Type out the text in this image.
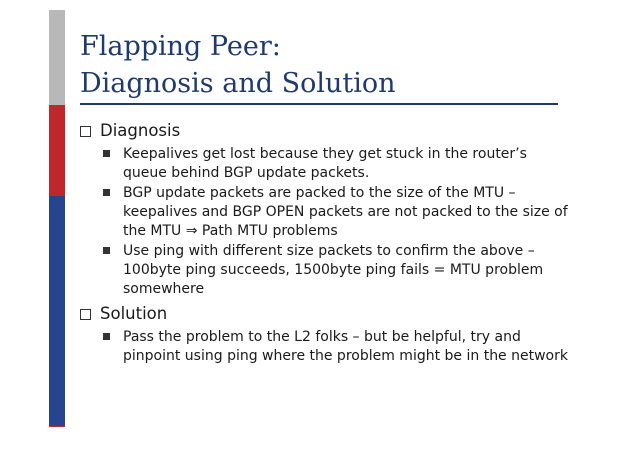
Flapping Peer:
Diagnosis and Solution
Diagnosis
Keepalives get lost because they get stuck in the router’s queue behind BGP update packets.
BGP update packets are packed to the size of the MTU – keepalives and BGP OPEN packets are not packed to the size of the MTU ⇒ Path MTU problems
Use ping with different size packets to confirm the above – 100byte ping succeeds, 1500byte ping fails = MTU problem somewhere
Solution
Pass the problem to the L2 folks – but be helpful, try and pinpoint using ping where the problem might be in the network
